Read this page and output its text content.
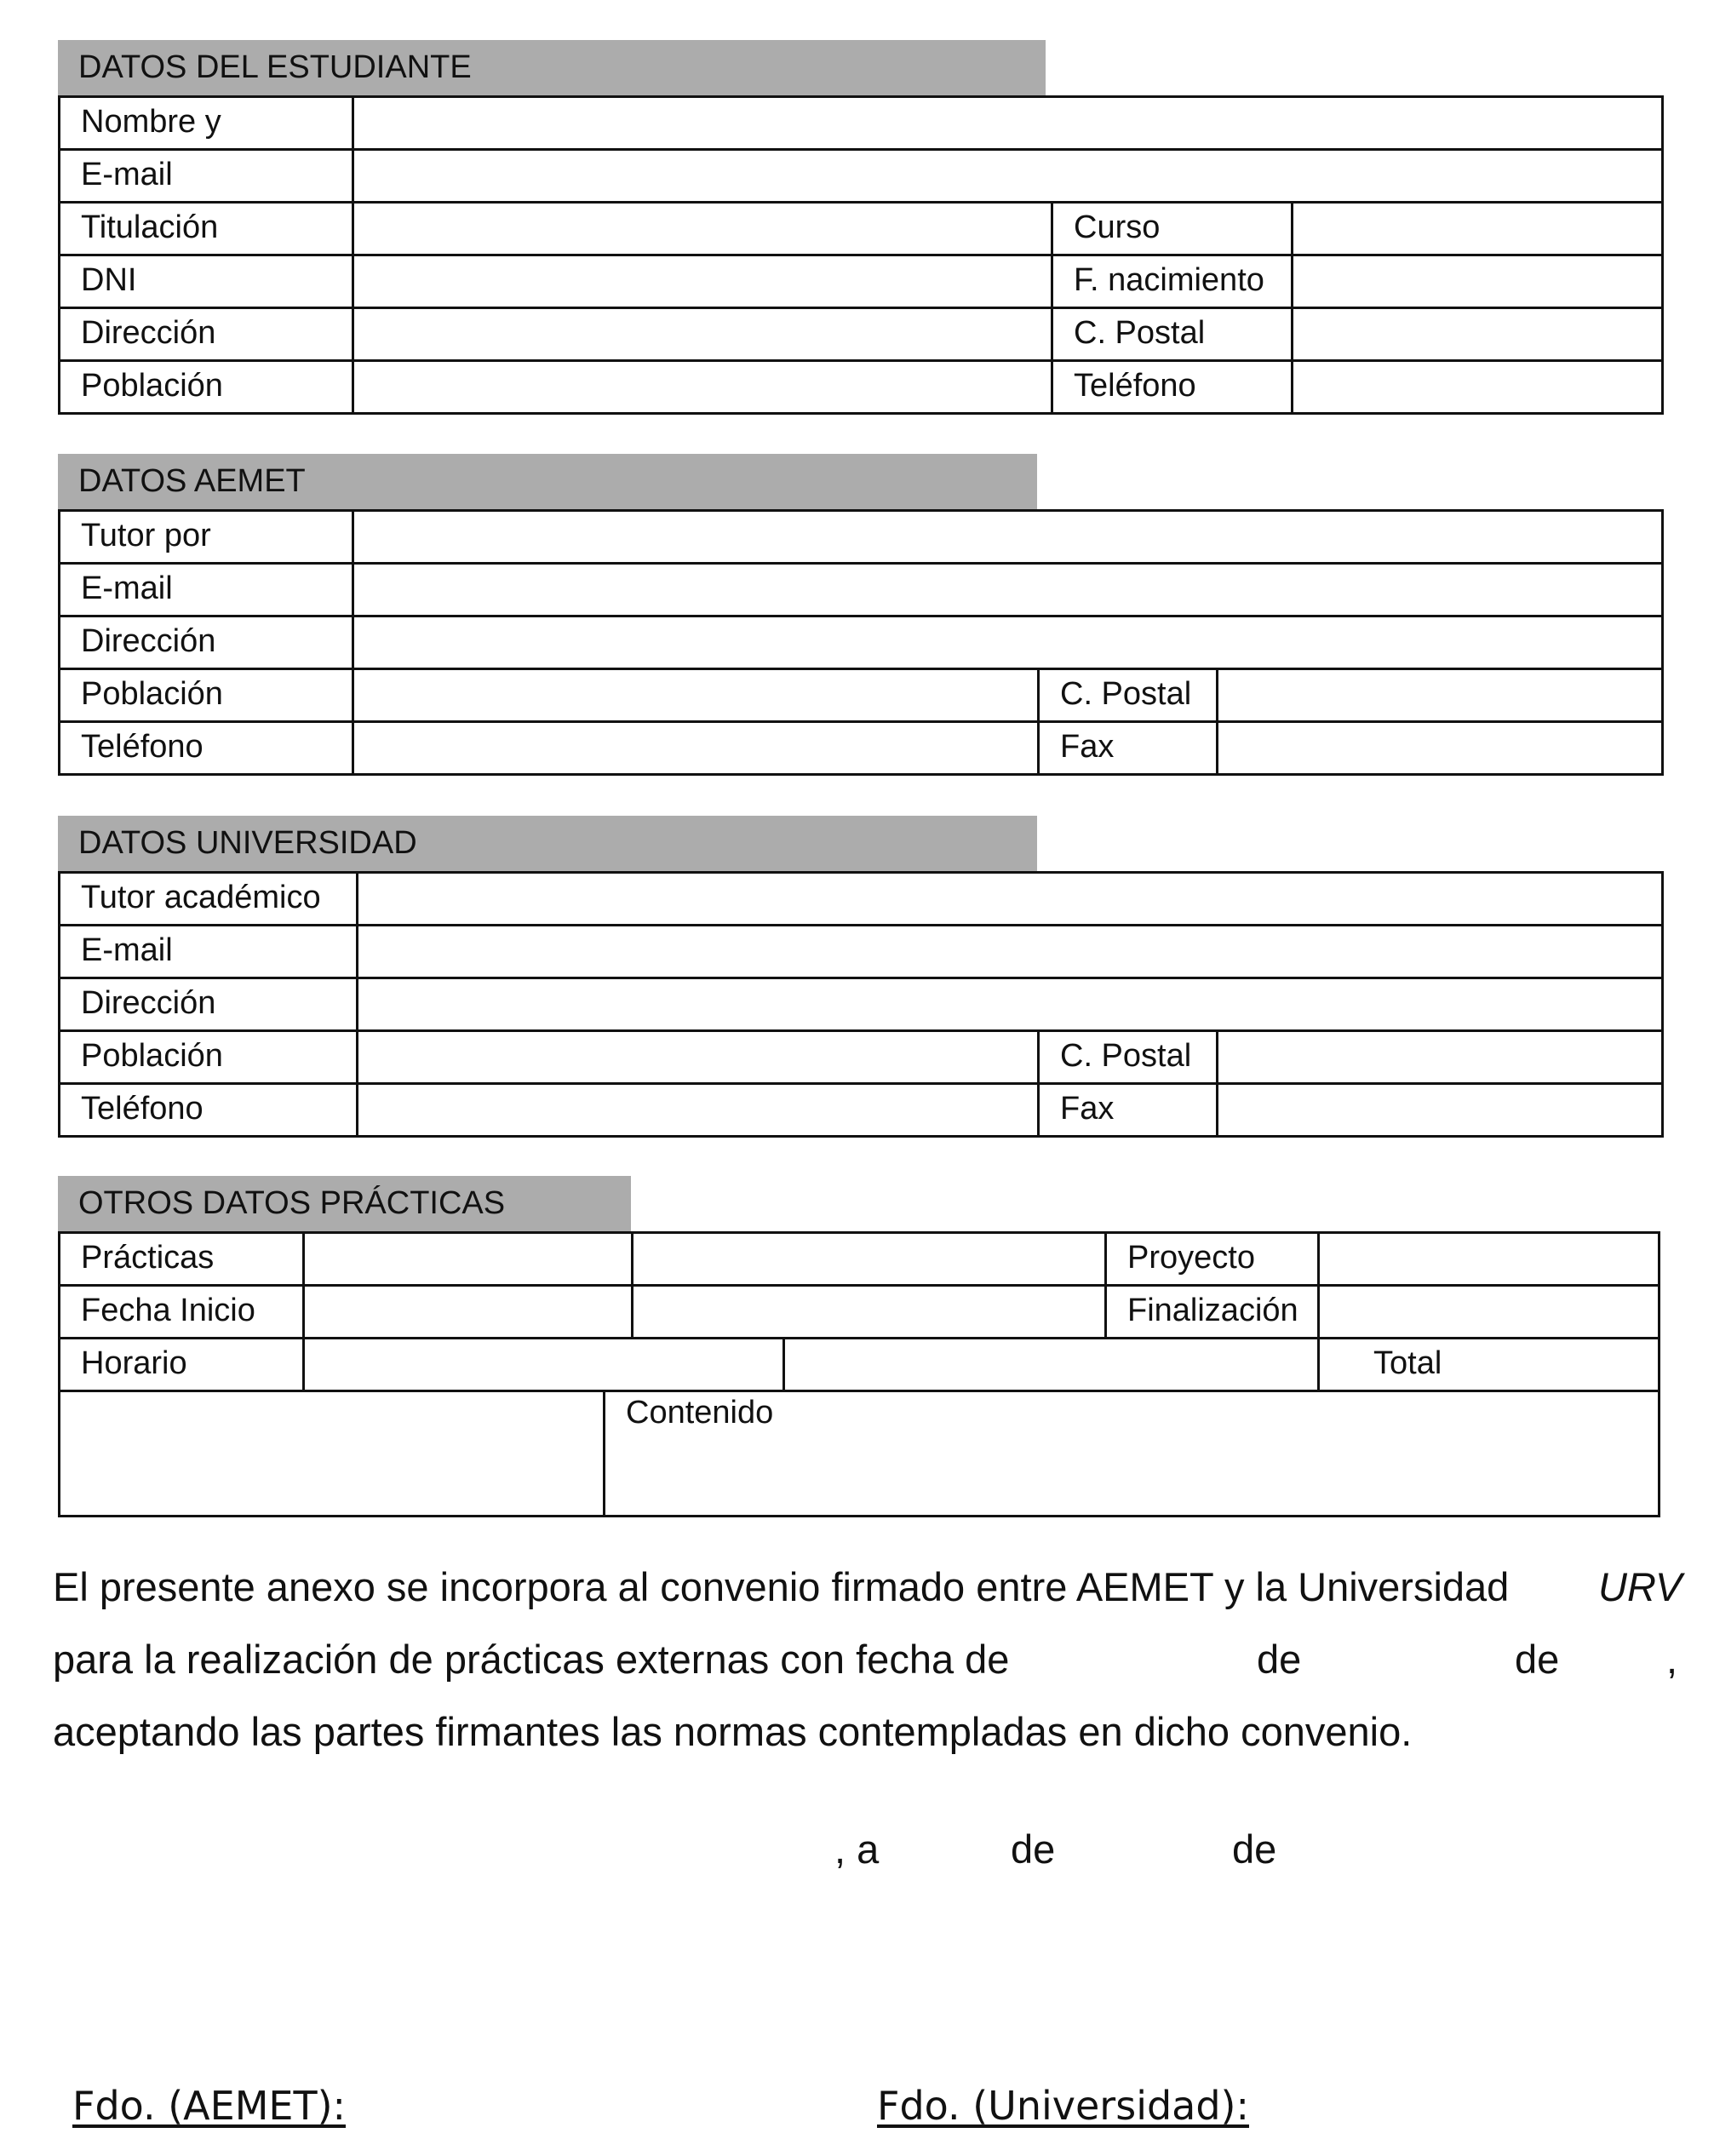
DATOS DEL ESTUDIANTE
Nombre y
E-mail
Titulación	Curso
DNI	F. nacimiento
Dirección	C. Postal
Población	Teléfono
DATOS AEMET
Tutor por
E-mail
Dirección
Población	C. Postal
Teléfono	Fax
DATOS UNIVERSIDAD
Tutor académico
E-mail
Dirección
Población	C. Postal
Teléfono	Fax
OTROS DATOS PRÁCTICAS
Prácticas	Proyecto
Fecha Inicio	Finalización
Horario	Total
Contenido
El presente anexo se incorpora al convenio firmado entre AEMET y la Universidad URV
para la realización de prácticas externas con fecha de	de	de	,
aceptando las partes firmantes las normas contempladas en dicho convenio.
, a	de	de
Fdo. (AEMET):	Fdo. (Universidad):
